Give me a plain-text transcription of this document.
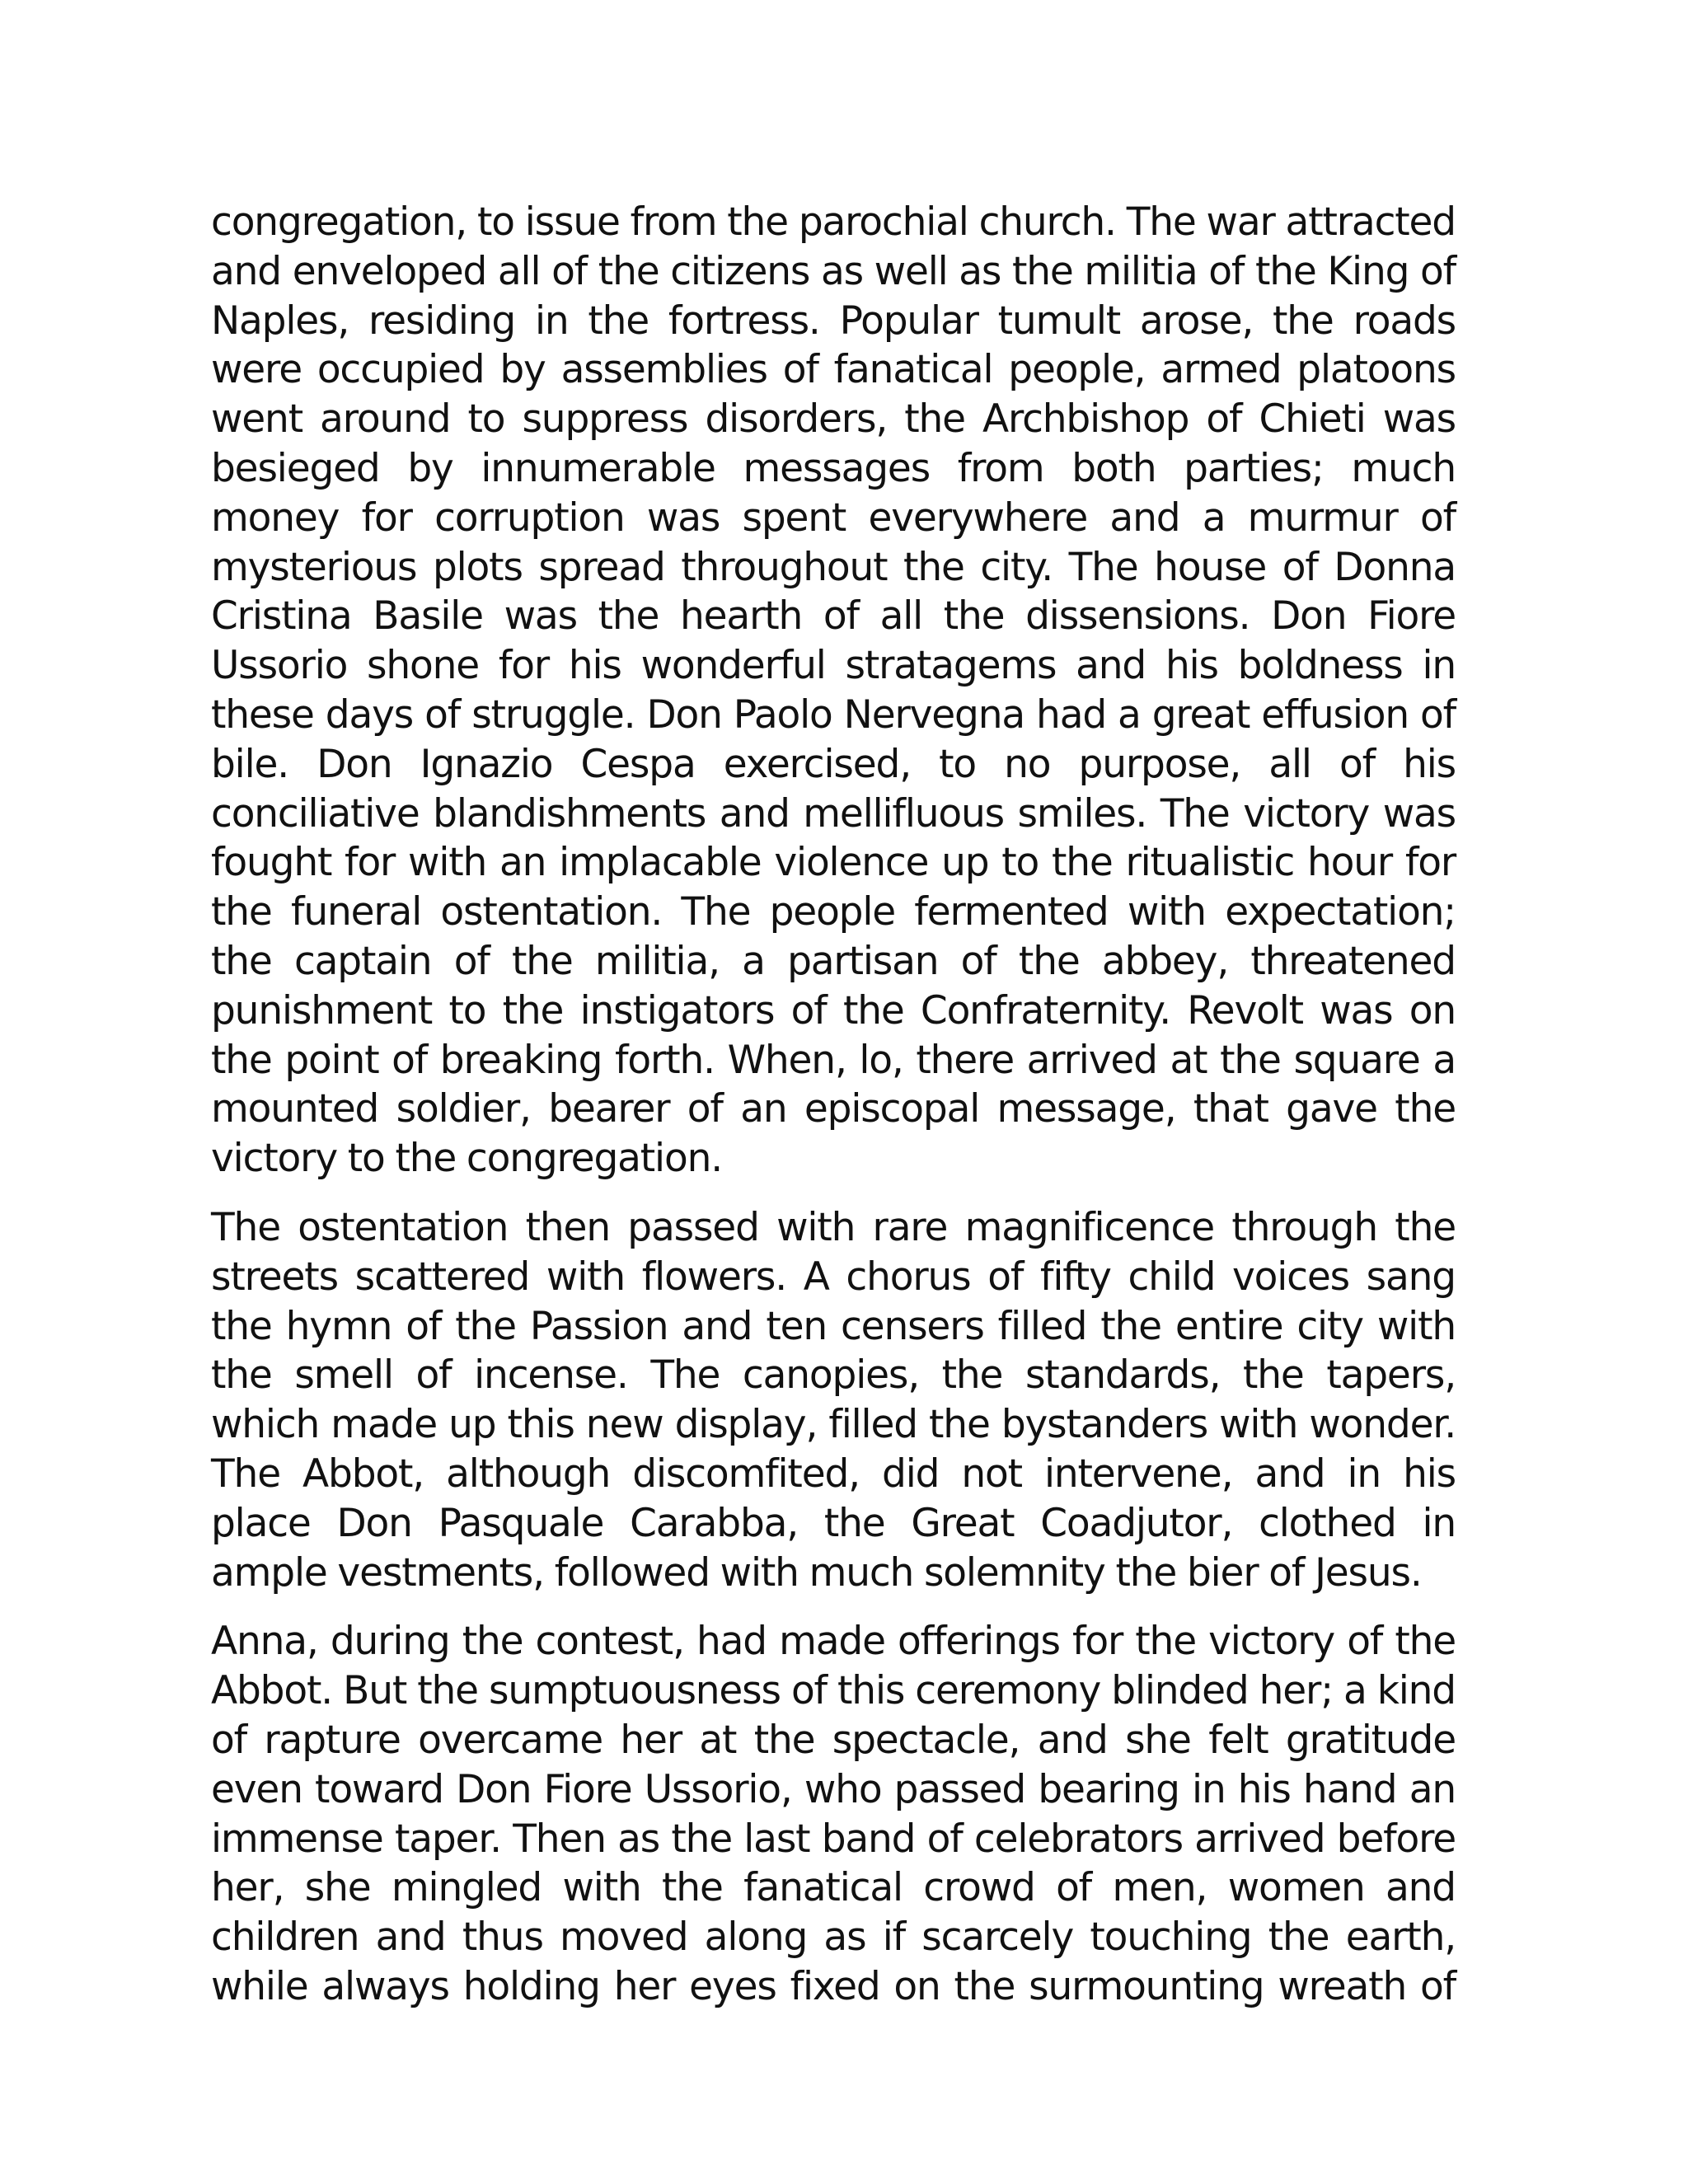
congregation, to issue from the parochial church. The war attracted and enveloped all of the citizens as well as the militia of the King of Naples, residing in the fortress. Popular tumult arose, the roads were occupied by assemblies of fanatical people, armed platoons went around to suppress disorders, the Archbishop of Chieti was besieged by innumerable messages from both parties; much money for corruption was spent everywhere and a murmur of mysterious plots spread throughout the city. The house of Donna Cristina Basile was the hearth of all the dissensions. Don Fiore Ussorio shone for his wonderful stratagems and his boldness in these days of struggle. Don Paolo Nervegna had a great effusion of bile. Don Ignazio Cespa exercised, to no purpose, all of his conciliative blandishments and mellifluous smiles. The victory was fought for with an implacable violence up to the ritualistic hour for the funeral ostentation. The people fermented with expectation; the captain of the militia, a partisan of the abbey, threatened punishment to the instigators of the Confraternity. Revolt was on the point of breaking forth. When, lo, there arrived at the square a mounted soldier, bearer of an episcopal message, that gave the victory to the congregation.

The ostentation then passed with rare magnificence through the streets scattered with flowers. A chorus of fifty child voices sang the hymn of the Passion and ten censers filled the entire city with the smell of incense. The canopies, the standards, the tapers, which made up this new display, filled the bystanders with wonder. The Abbot, although discomfited, did not intervene, and in his place Don Pasquale Carabba, the Great Coadjutor, clothed in ample vestments, followed with much solemnity the bier of Jesus.

Anna, during the contest, had made offerings for the victory of the Abbot. But the sumptuousness of this ceremony blinded her; a kind of rapture overcame her at the spectacle, and she felt gratitude even toward Don Fiore Ussorio, who passed bearing in his hand an immense taper. Then as the last band of celebrators arrived before her, she mingled with the fanatical crowd of men, women and children and thus moved along as if scarcely touching the earth, while always holding her eyes fixed on the surmounting wreath of
